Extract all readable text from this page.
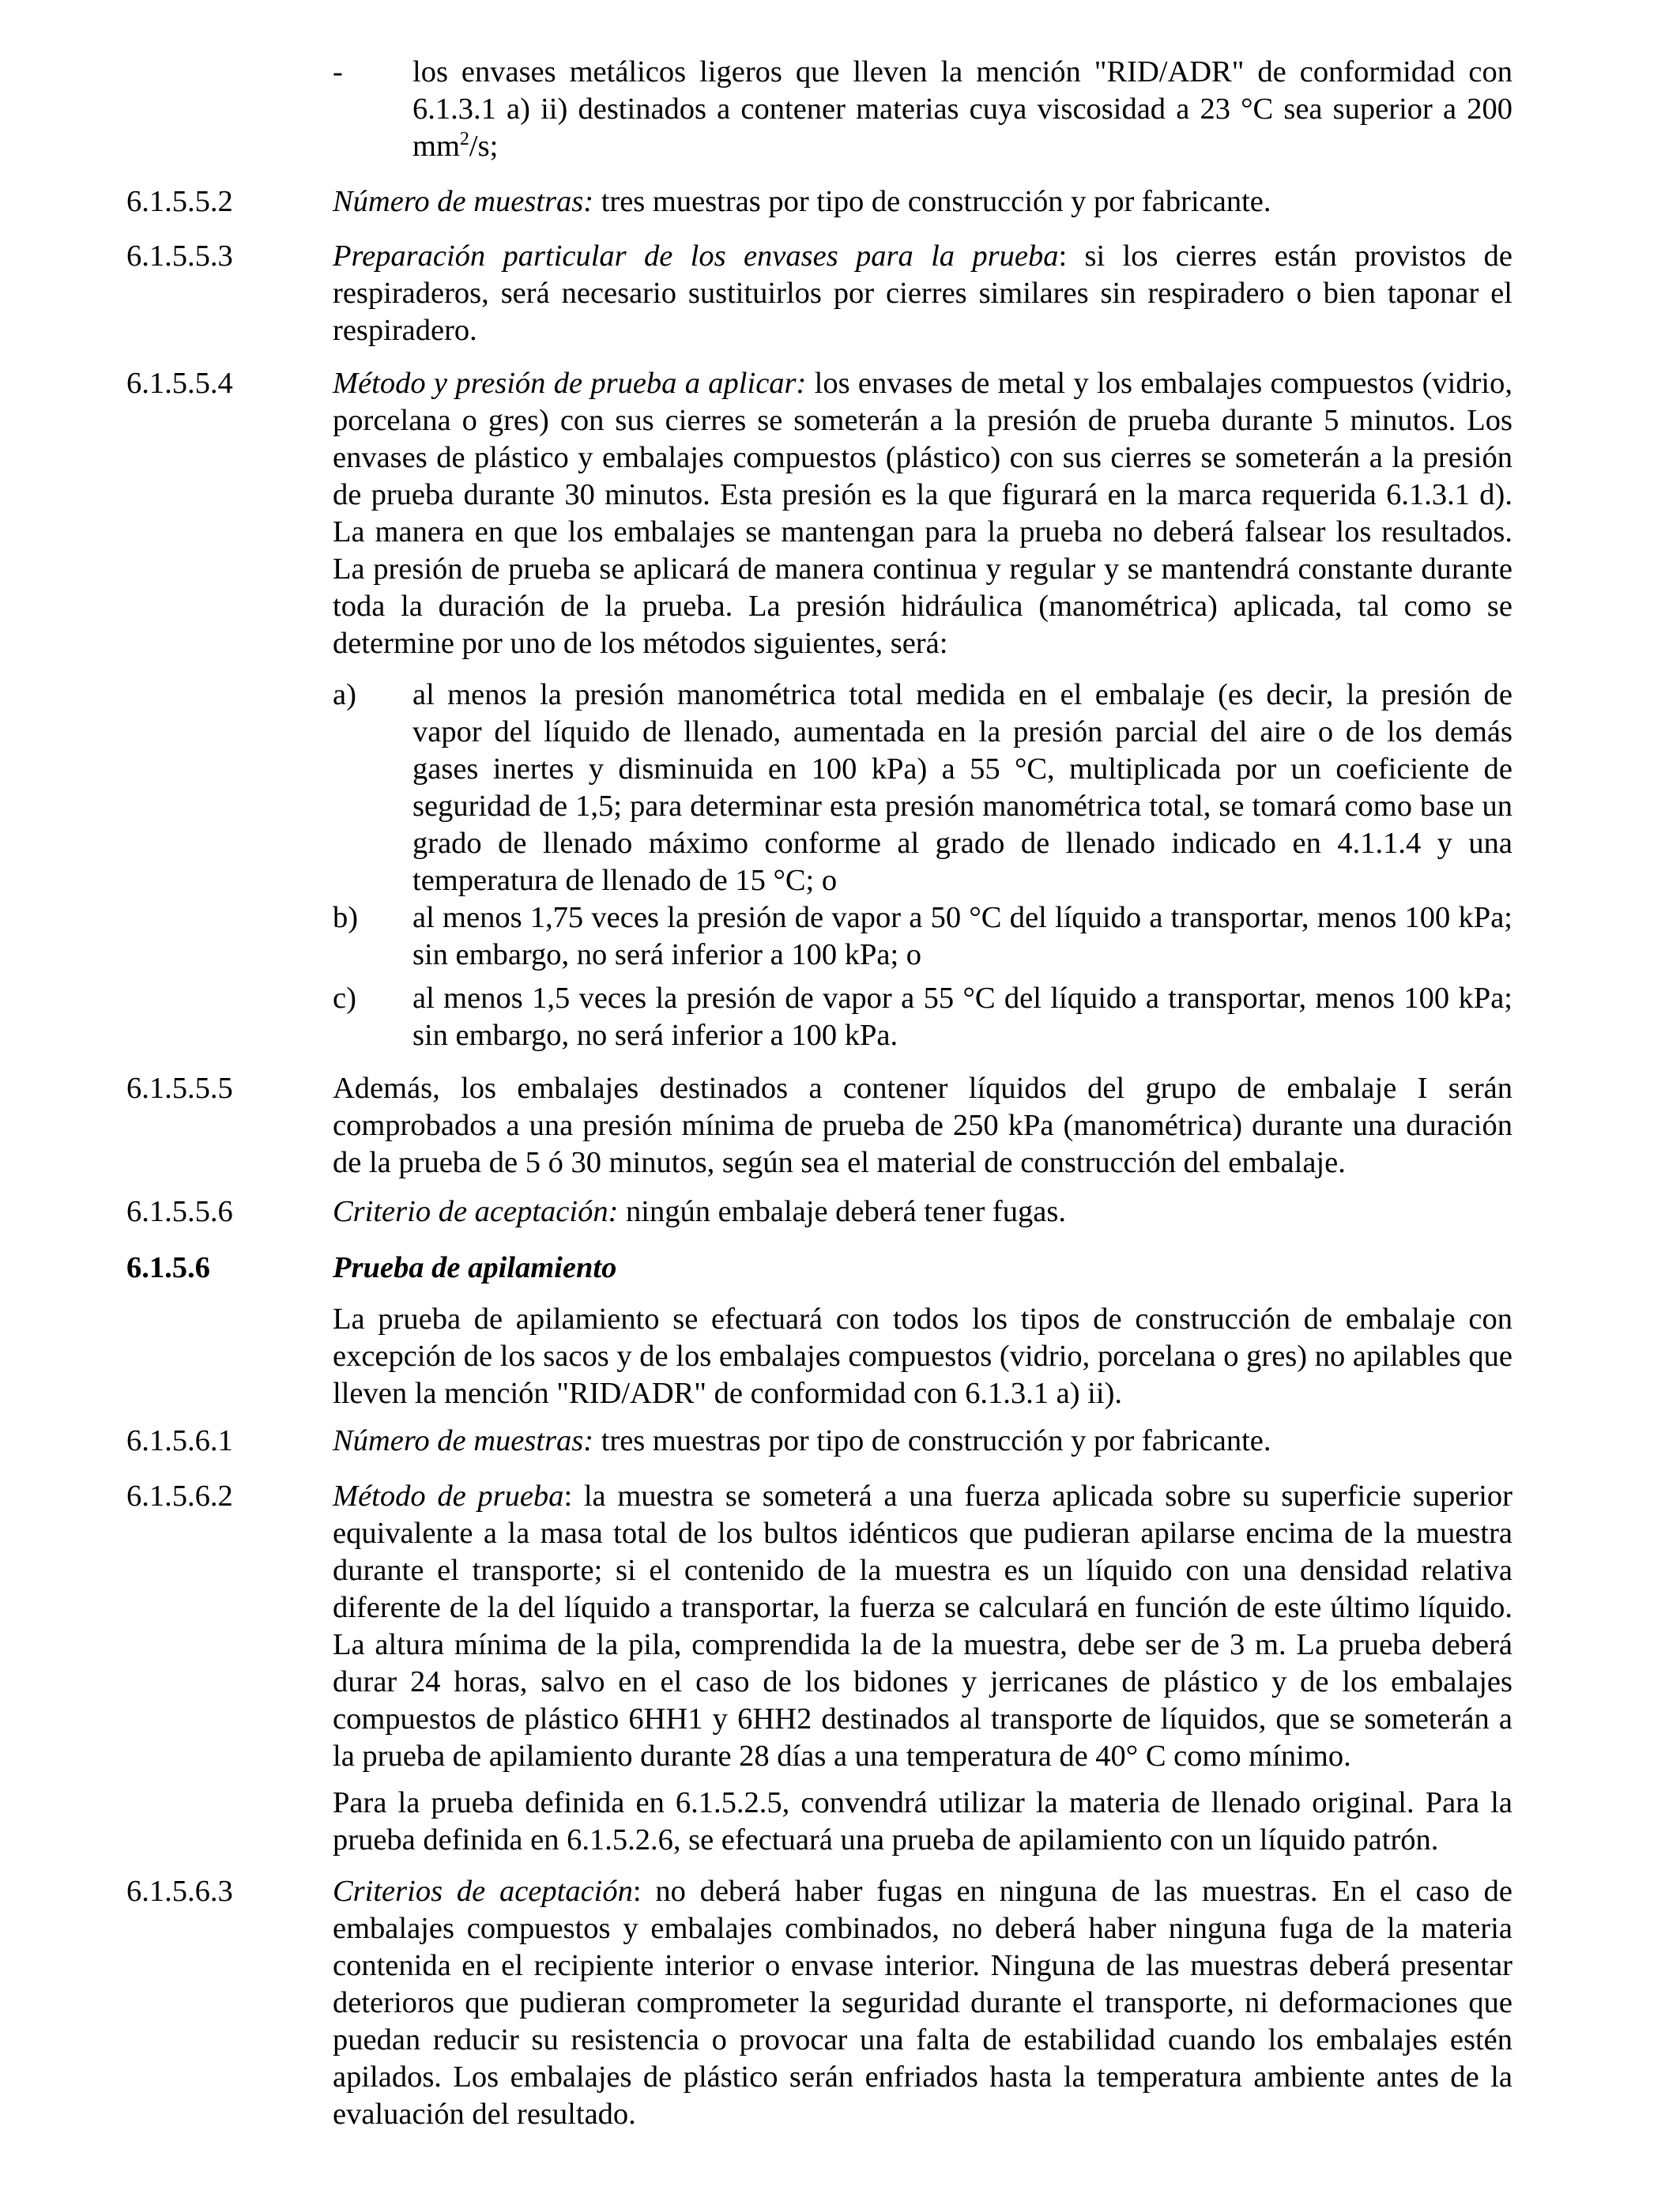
- los envases metálicos ligeros que lleven la mención "RID/ADR" de conformidad con 6.1.3.1 a) ii) destinados a contener materias cuya viscosidad a 23 °C sea superior a 200 $mm^2/s$;
6.1.5.5.2	Número de muestras: tres muestras por tipo de construcción y por fabricante.
6.1.5.5.3	Preparación particular de los envases para la prueba: si los cierres están provistos de respiraderos, será necesario sustituirlos por cierres similares sin respiradero o bien taponar el respiradero.
6.1.5.5.4	Método y presión de prueba a aplicar: los envases de metal y los embalajes compuestos (vidrio, porcelana o gres) con sus cierres se someterán a la presión de prueba durante 5 minutos. Los envases de plástico y embalajes compuestos (plástico) con sus cierres se someterán a la presión de prueba durante 30 minutos. Esta presión es la que figurará en la marca requerida 6.1.3.1 d). La manera en que los embalajes se mantengan para la prueba no deberá falsear los resultados. La presión de prueba se aplicará de manera continua y regular y se mantendrá constante durante toda la duración de la prueba. La presión hidráulica (manométrica) aplicada, tal como se determine por uno de los métodos siguientes, será:
a) al menos la presión manométrica total medida en el embalaje (es decir, la presión de vapor del líquido de llenado, aumentada en la presión parcial del aire o de los demás gases inertes y disminuida en 100 kPa) a 55 °C, multiplicada por un coeficiente de seguridad de 1,5; para determinar esta presión manométrica total, se tomará como base un grado de llenado máximo conforme al grado de llenado indicado en 4.1.1.4 y una temperatura de llenado de 15 °C; o
b) al menos 1,75 veces la presión de vapor a 50 °C del líquido a transportar, menos 100 kPa; sin embargo, no será inferior a 100 kPa; o
c) al menos 1,5 veces la presión de vapor a 55 °C del líquido a transportar, menos 100 kPa; sin embargo, no será inferior a 100 kPa.
6.1.5.5.5	Además, los embalajes destinados a contener líquidos del grupo de embalaje I serán comprobados a una presión mínima de prueba de 250 kPa (manométrica) durante una duración de la prueba de 5 ó 30 minutos, según sea el material de construcción del embalaje.
6.1.5.5.6	Criterio de aceptación: ningún embalaje deberá tener fugas.
6.1.5.6	Prueba de apilamiento
La prueba de apilamiento se efectuará con todos los tipos de construcción de embalaje con excepción de los sacos y de los embalajes compuestos (vidrio, porcelana o gres) no apilables que lleven la mención "RID/ADR" de conformidad con 6.1.3.1 a) ii).
6.1.5.6.1	Número de muestras: tres muestras por tipo de construcción y por fabricante.
6.1.5.6.2	Método de prueba: la muestra se someterá a una fuerza aplicada sobre su superficie superior equivalente a la masa total de los bultos idénticos que pudieran apilarse encima de la muestra durante el transporte; si el contenido de la muestra es un líquido con una densidad relativa diferente de la del líquido a transportar, la fuerza se calculará en función de este último líquido. La altura mínima de la pila, comprendida la de la muestra, debe ser de 3 m. La prueba deberá durar 24 horas, salvo en el caso de los bidones y jerricanes de plástico y de los embalajes compuestos de plástico 6HH1 y 6HH2 destinados al transporte de líquidos, que se someterán a la prueba de apilamiento durante 28 días a una temperatura de 40° C como mínimo.
Para la prueba definida en 6.1.5.2.5, convendrá utilizar la materia de llenado original. Para la prueba definida en 6.1.5.2.6, se efectuará una prueba de apilamiento con un líquido patrón.
6.1.5.6.3	Criterios de aceptación: no deberá haber fugas en ninguna de las muestras. En el caso de embalajes compuestos y embalajes combinados, no deberá haber ninguna fuga de la materia contenida en el recipiente interior o envase interior. Ninguna de las muestras deberá presentar deterioros que pudieran comprometer la seguridad durante el transporte, ni deformaciones que puedan reducir su resistencia o provocar una falta de estabilidad cuando los embalajes estén apilados. Los embalajes de plástico serán enfriados hasta la temperatura ambiente antes de la evaluación del resultado.
